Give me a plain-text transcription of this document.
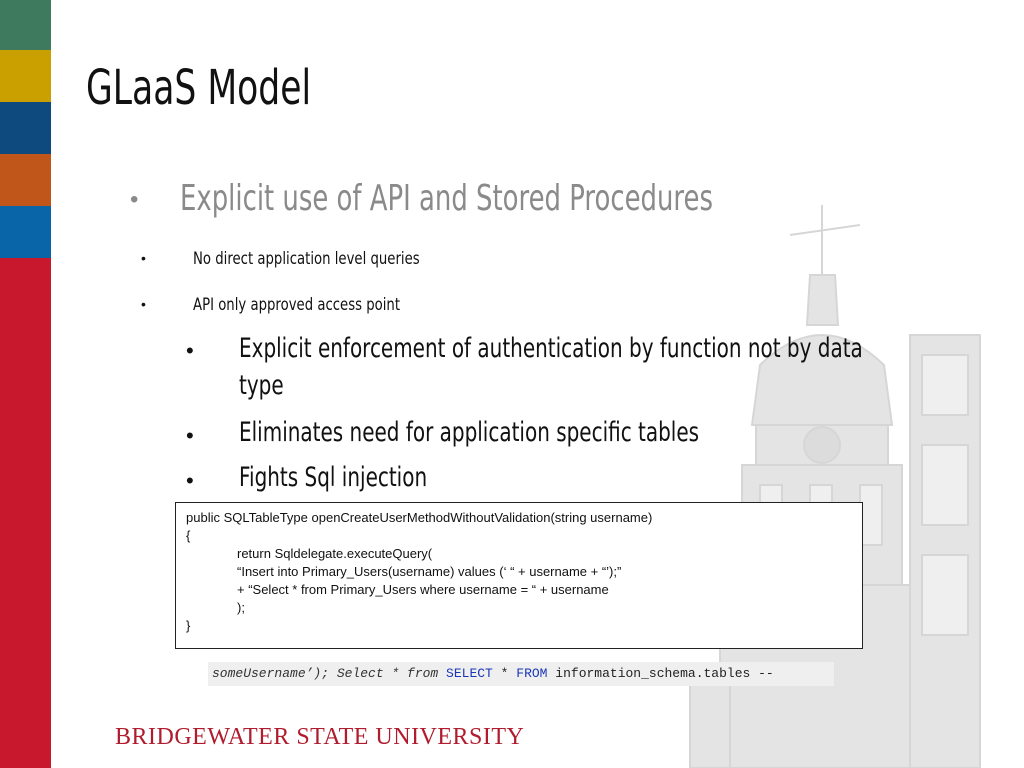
GLaaS Model
• Explicit use of API and Stored Procedures
•	No direct application level queries
•	API only approved access point
• Explicit enforcement of authentication by function not by data
type
• Eliminates need for application specific tables
• Fights Sql injection
public SQLTableType openCreateUserMethodWithoutValidation(string username)
{
return Sqldelegate.executeQuery(
“Insert into Primary_Users(username) values (‘ “ + username + “’);”
+ “Select * from Primary_Users where username = “ + username
);
}
someUsername’); Select * from SELECT * FROM information_schema.tables --
BRIDGEWATER STATE UNIVERSITY
